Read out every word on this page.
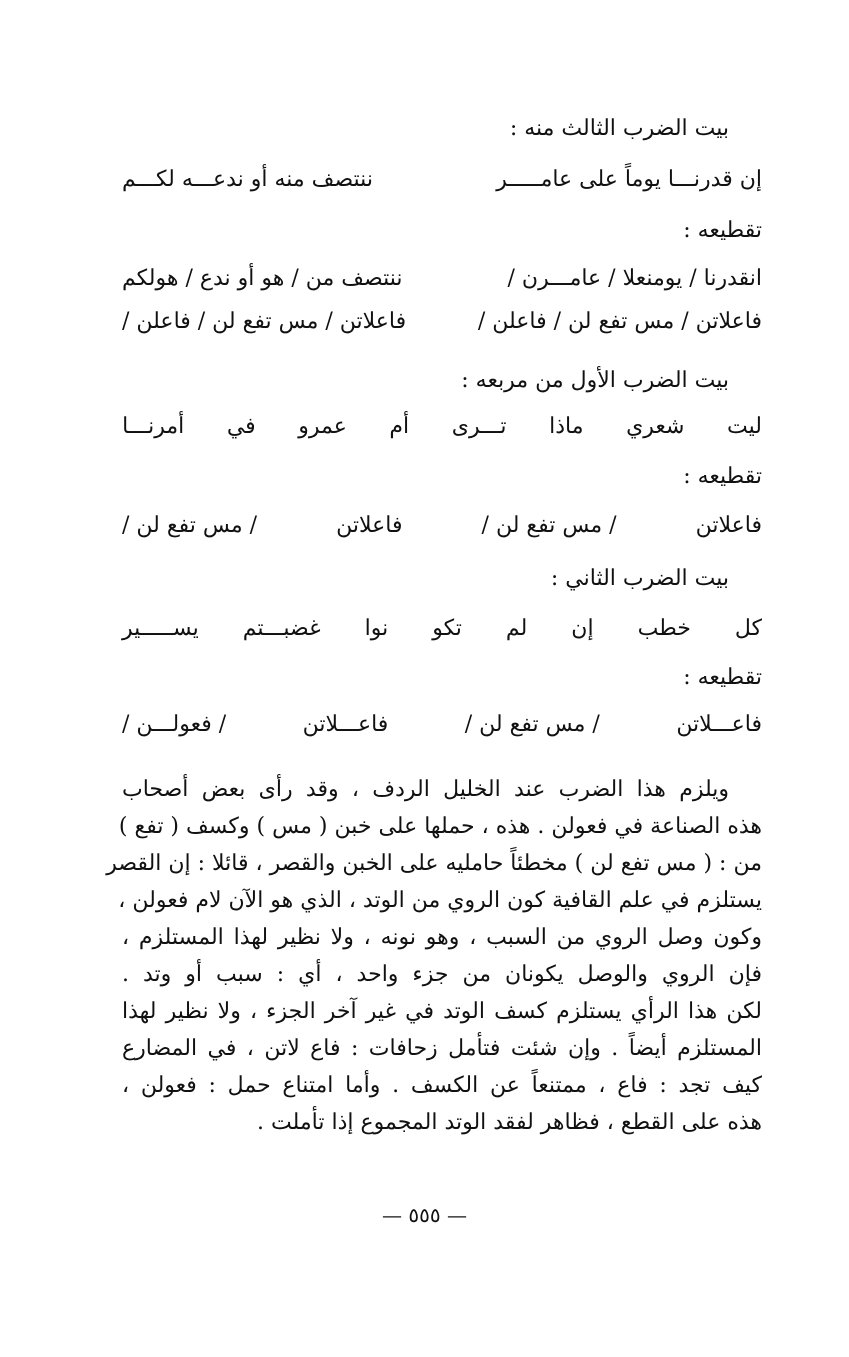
بيت الضرب الثالث منه :
إن قدرنـــا يوماً على عامـــــر
ننتصف منه أو ندعـــه لكـــم
تقطيعه :
انقدرنا / يومنعلا / عامـــرن /
ننتصف من / هو أو ندع / هولكم
فاعلاتن / مس تفع لن / فاعلن /
فاعلاتن / مس تفع لن / فاعلن /
بيت الضرب الأول من مربعه :
ليت
شعري
ماذا
تـــرى
أم
عمرو
في
أمرنـــا
تقطيعه :
فاعلاتن
/ مس تفع لن /
فاعلاتن
/ مس تفع لن /
بيت الضرب الثاني :
كل
خطب
إن
لم
تكو
نوا
غضبـــتم
يســـــير
تقطيعه :
فاعـــلاتن
/ مس تفع لن /
فاعـــلاتن
/ فعولـــن /
ويلزم هذا الضرب عند الخليل الردف ، وقد رأى بعض أصحاب
هذه الصناعة في فعولن . هذه ، حملها على خبن ( مس ) وكسف ( تفع )
من : ( مس تفع لن ) مخطئاً حامليه على الخبن والقصر ، قائلا : إن القصر
يستلزم في علم القافية كون الروي من الوتد ، الذي هو الآن لام فعولن ،
وكون وصل الروي من السبب ، وهو نونه ، ولا نظير لهذا المستلزم ،
فإن الروي والوصل يكونان من جزء واحد ، أي : سبب أو وتد .
لكن هذا الرأي يستلزم كسف الوتد في غير آخر الجزء ، ولا نظير لهذا
المستلزم أيضاً . وإن شئت فتأمل زحافات : فاع لاتن ، في المضارع
كيف تجد : فاع ، ممتنعاً عن الكسف . وأما امتناع حمل : فعولن ،
هذه على القطع ، فظاهر لفقد الوتد المجموع إذا تأملت .
— ٥٥٥ —
